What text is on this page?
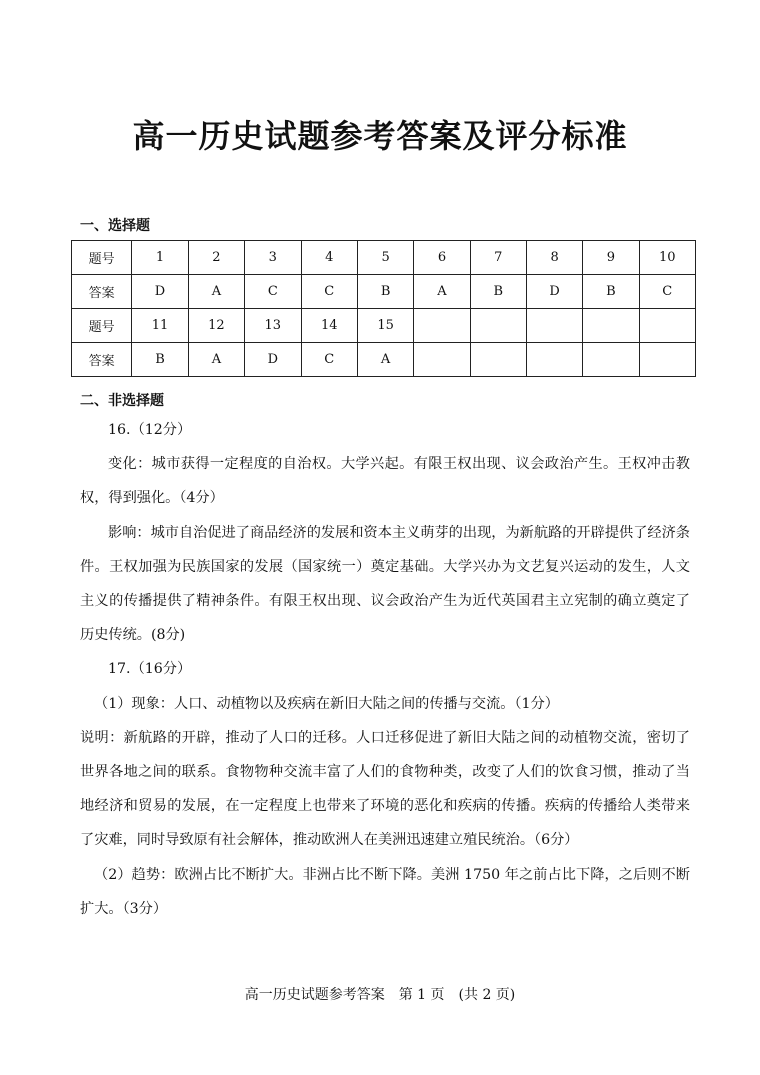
高一历史试题参考答案及评分标准
一、选择题
题号	1	2	3	4	5	6	7	8	9	10
答案	D	A	C	C	B	A	B	D	B	C
题号	11	12	13	14	15					
答案	B	A	D	C	A					
二、非选择题

16.（12分）

变化：城市获得一定程度的自治权。大学兴起。有限王权出现、议会政治产生。王权冲击教权，得到强化。（4分）

影响：城市自治促进了商品经济的发展和资本主义萌芽的出现，为新航路的开辟提供了经济条件。王权加强为民族国家的发展（国家统一）奠定基础。大学兴办为文艺复兴运动的发生，人文主义的传播提供了精神条件。有限王权出现、议会政治产生为近代英国君主立宪制的确立奠定了历史传统。(8分)

17.（16分）

（1）现象：人口、动植物以及疾病在新旧大陆之间的传播与交流。（1分）

说明：新航路的开辟，推动了人口的迁移。人口迁移促进了新旧大陆之间的动植物交流，密切了世界各地之间的联系。食物物种交流丰富了人们的食物种类，改变了人们的饮食习惯，推动了当地经济和贸易的发展，在一定程度上也带来了环境的恶化和疾病的传播。疾病的传播给人类带来了灾难，同时导致原有社会解体，推动欧洲人在美洲迅速建立殖民统治。（6分）

（2）趋势：欧洲占比不断扩大。非洲占比不断下降。美洲 1750 年之前占比下降，之后则不断扩大。（3分）

高一历史试题参考答案　第 1 页　(共 2 页)
